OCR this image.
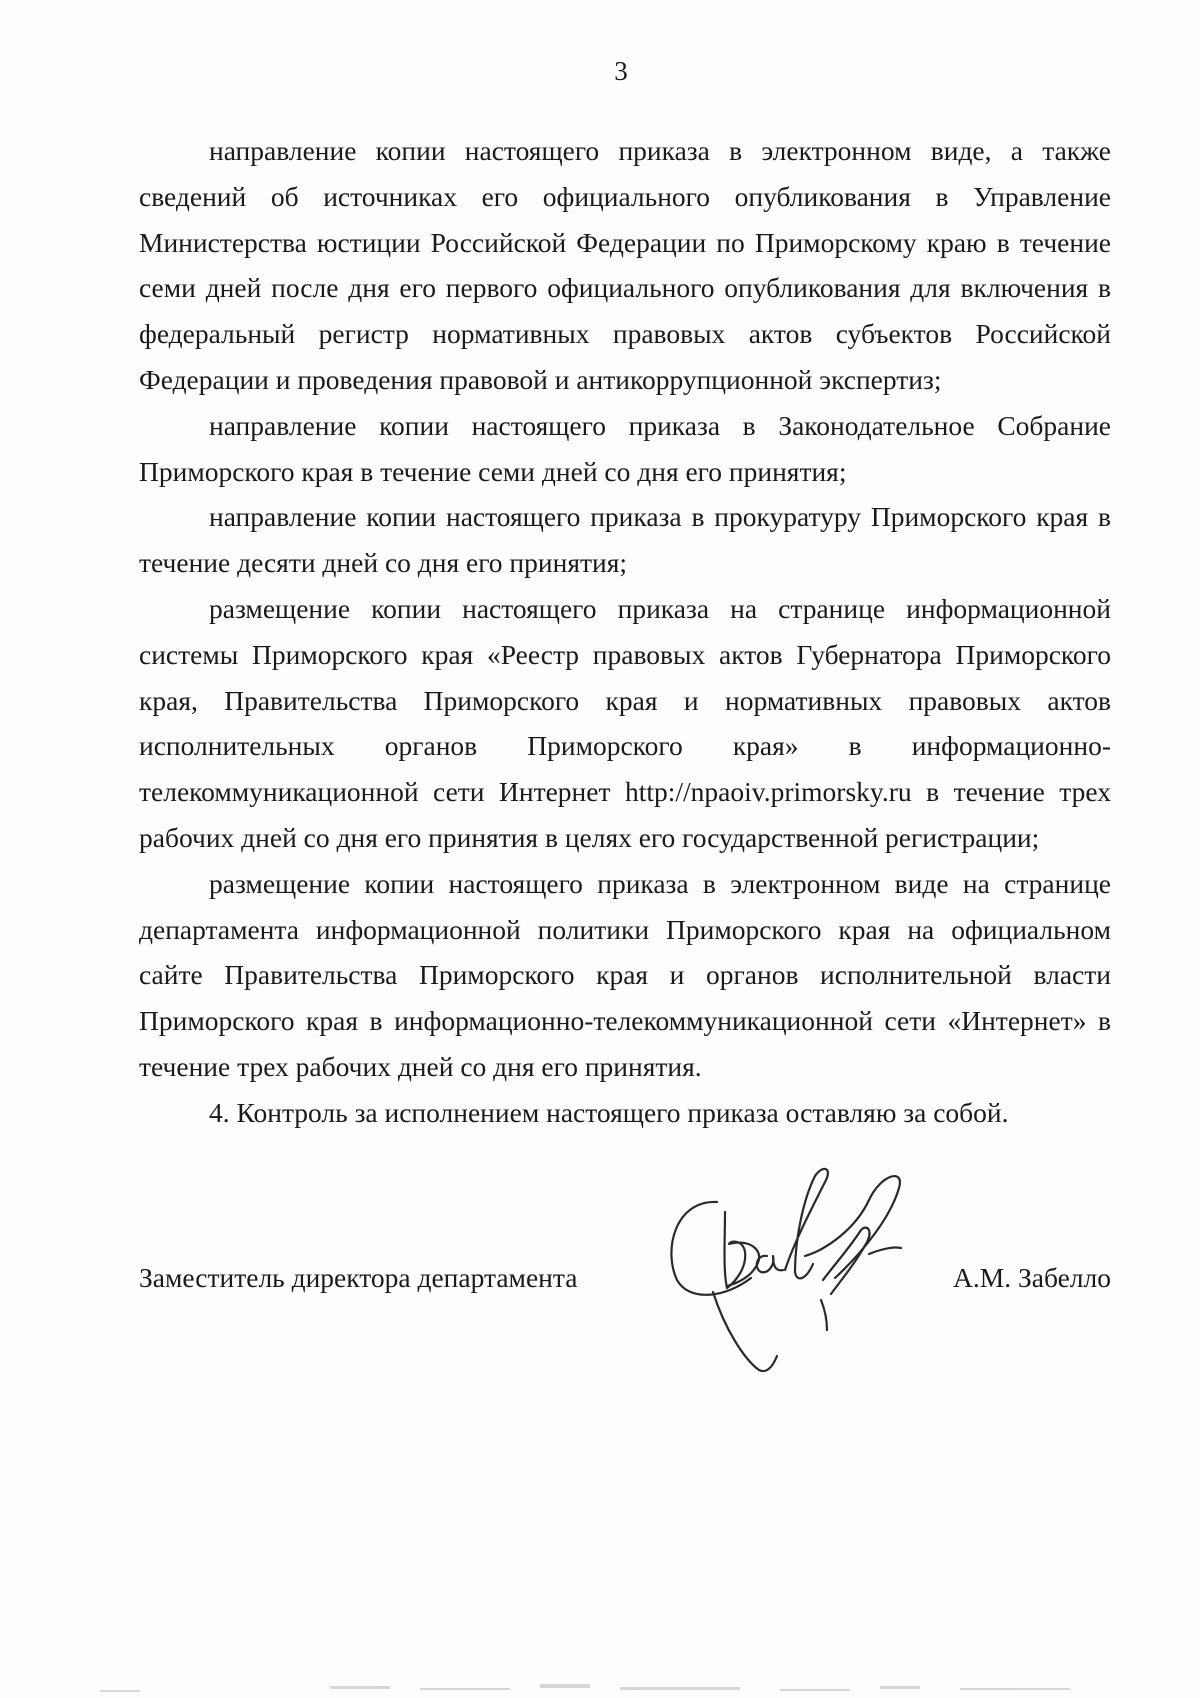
3

направление копии настоящего приказа в электронном виде, а также сведений об источниках его официального опубликования в Управление Министерства юстиции Российской Федерации по Приморскому краю в течение семи дней после дня его первого официального опубликования для включения в федеральный регистр нормативных правовых актов субъектов Российской Федерации и проведения правовой и антикоррупционной экспертиз;

направление копии настоящего приказа в Законодательное Собрание Приморского края в течение семи дней со дня его принятия;

направление копии настоящего приказа в прокуратуру Приморского края в течение десяти дней со дня его принятия;

размещение копии настоящего приказа на странице информационной системы Приморского края «Реестр правовых актов Губернатора Приморского края, Правительства Приморского края и нормативных правовых актов исполнительных органов Приморского края» в информационно-телекоммуникационной сети Интернет http://npaoiv.primorsky.ru в течение трех рабочих дней со дня его принятия в целях его государственной регистрации;

размещение копии настоящего приказа в электронном виде на странице департамента информационной политики Приморского края на официальном сайте Правительства Приморского края и органов исполнительной власти Приморского края в информационно-телекоммуникационной сети «Интернет» в течение трех рабочих дней со дня его принятия.

4. Контроль за исполнением настоящего приказа оставляю за собой.

Заместитель директора департамента	А.М. Забелло
